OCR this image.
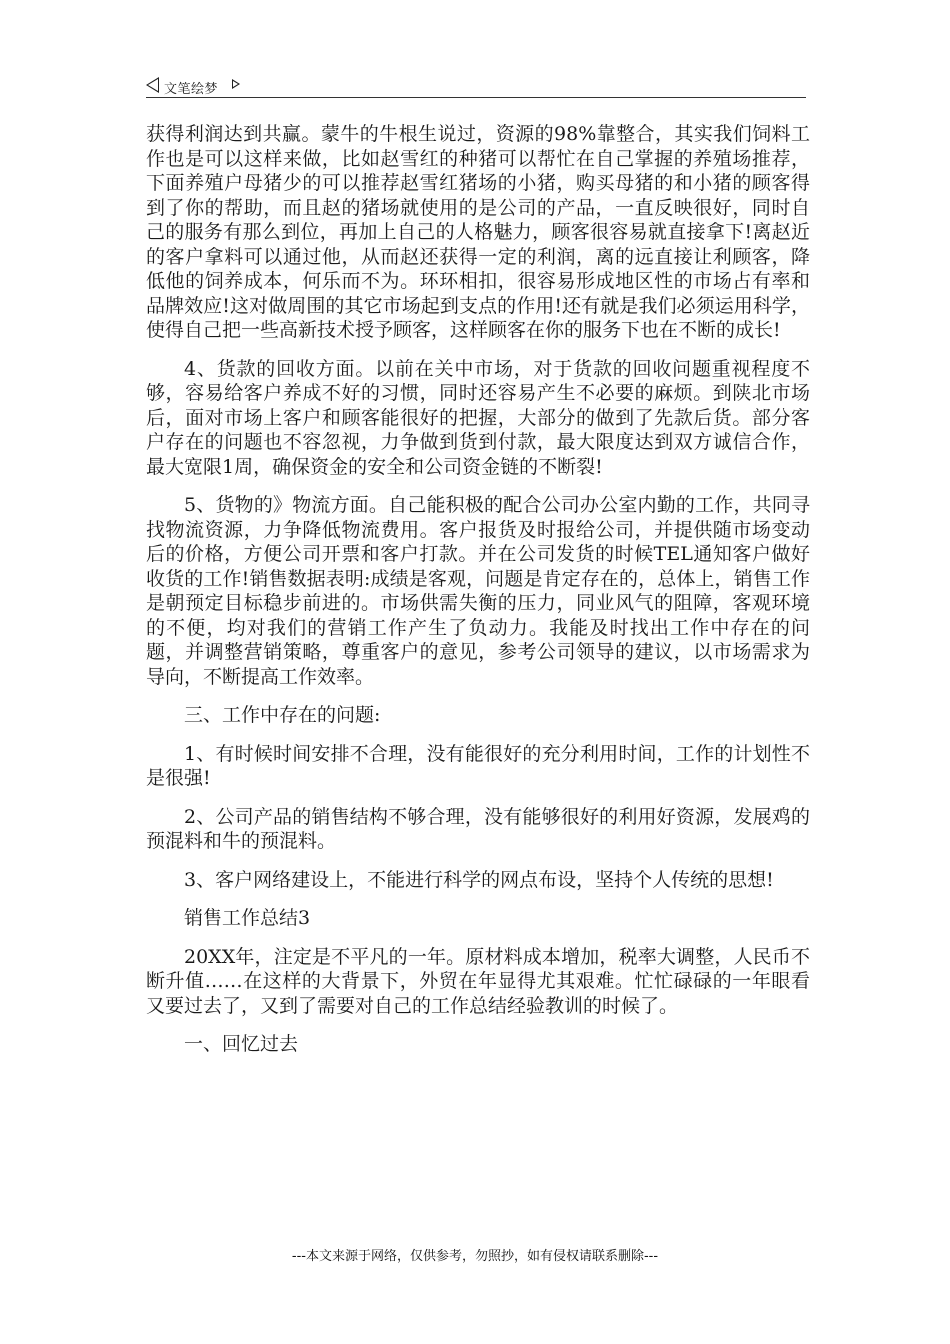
文笔绘梦

获得利润达到共赢。蒙牛的牛根生说过，资源的98%靠整合，其实我们饲料工作也是可以这样来做，比如赵雪红的种猪可以帮忙在自己掌握的养殖场推荐，下面养殖户母猪少的可以推荐赵雪红猪场的小猪，购买母猪的和小猪的顾客得到了你的帮助，而且赵的猪场就使用的是公司的产品，一直反映很好，同时自己的服务有那么到位，再加上自己的人格魅力，顾客很容易就直接拿下!离赵近的客户拿料可以通过他，从而赵还获得一定的利润，离的远直接让利顾客，降低他的饲养成本，何乐而不为。环环相扣，很容易形成地区性的市场占有率和品牌效应!这对做周围的其它市场起到支点的作用!还有就是我们必须运用科学，使得自己把一些高新技术授予顾客，这样顾客在你的服务下也在不断的成长!

4、货款的回收方面。以前在关中市场，对于货款的回收问题重视程度不够，容易给客户养成不好的习惯，同时还容易产生不必要的麻烦。到陕北市场后，面对市场上客户和顾客能很好的把握，大部分的做到了先款后货。部分客户存在的问题也不容忽视，力争做到货到付款，最大限度达到双方诚信合作，最大宽限1周，确保资金的安全和公司资金链的不断裂!

5、货物的》物流方面。自己能积极的配合公司办公室内勤的工作，共同寻找物流资源，力争降低物流费用。客户报货及时报给公司，并提供随市场变动后的价格，方便公司开票和客户打款。并在公司发货的时候TEL通知客户做好收货的工作!销售数据表明:成绩是客观，问题是肯定存在的，总体上，销售工作是朝预定目标稳步前进的。市场供需失衡的压力，同业风气的阻障，客观环境的不便，均对我们的营销工作产生了负动力。我能及时找出工作中存在的问题，并调整营销策略，尊重客户的意见，参考公司领导的建议，以市场需求为导向，不断提高工作效率。

三、工作中存在的问题:

1、有时候时间安排不合理，没有能很好的充分利用时间，工作的计划性不是很强!

2、公司产品的销售结构不够合理，没有能够很好的利用好资源，发展鸡的预混料和牛的预混料。

3、客户网络建设上，不能进行科学的网点布设，坚持个人传统的思想!

销售工作总结3

20XX年，注定是不平凡的一年。原材料成本增加，税率大调整，人民币不断升值……在这样的大背景下，外贸在年显得尤其艰难。忙忙碌碌的一年眼看又要过去了，又到了需要对自己的工作总结经验教训的时候了。

一、回忆过去

---本文来源于网络，仅供参考，勿照抄，如有侵权请联系删除---
